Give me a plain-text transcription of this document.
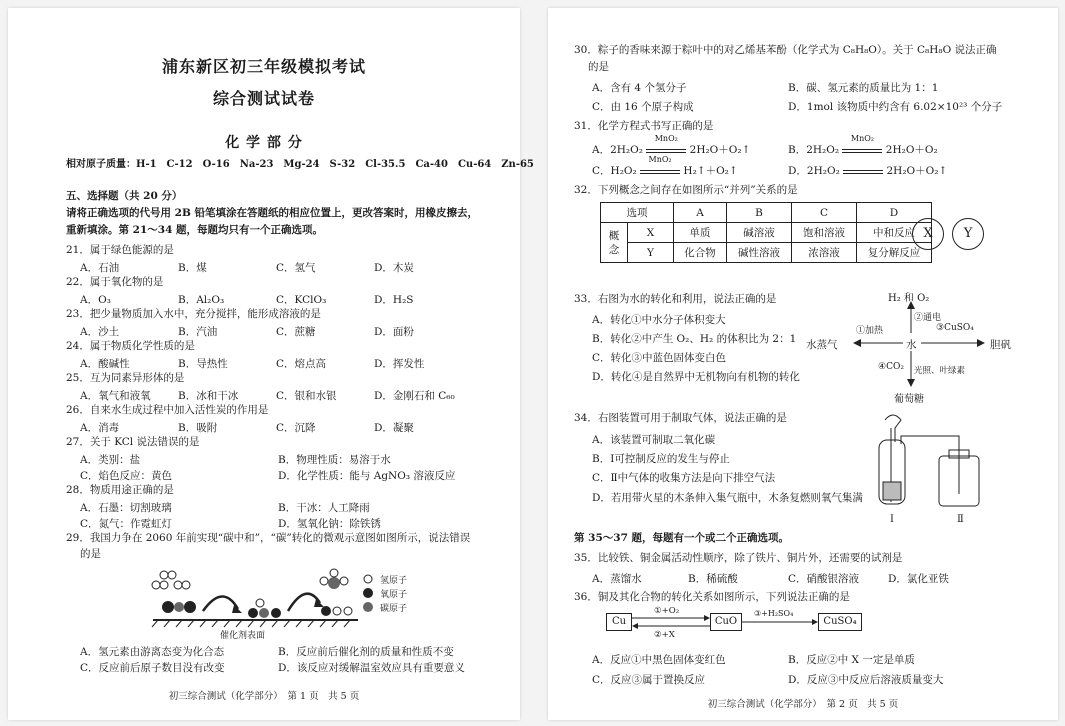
浦东新区初三年级模拟考试
综合测试试卷
化 学 部 分
相对原子质量：H-1　C-12　O-16　Na-23　Mg-24　S-32　Cl-35.5　Ca-40　Cu-64　Zn-65
五、选择题（共 20 分）
请将正确选项的代号用 2B 铅笔填涂在答题纸的相应位置上，更改答案时，用橡皮擦去，
重新填涂。第 21～34 题，每题均只有一个正确选项。
27．关于 KCl 说法错误的是
A．类别：盐	B．物理性质：易溶于水
C．焰色反应：黄色	D．化学性质：能与 AgNO₃ 溶液反应
28．物质用途正确的是
A．石墨：切割玻璃	B．干冰：人工降雨
C．氮气：作霓虹灯	D．氢氧化钠：除铁锈
29．我国力争在 2060 年前实现“碳中和”，“碳”转化的微观示意图如图所示，说法错误
的是
氢原子
氧原子
碳原子
催化剂表面
A．氢元素由游离态变为化合态	B．反应前后催化剂的质量和性质不变
C．反应前后原子数目没有改变	D．该反应对缓解温室效应具有重要意义
初三综合测试（化学部分）　第 1 页　共 5 页
21．属于绿色能源的是
A．石油	B．煤	C．氢气	D．木炭
22．属于氧化物的是
A．O₃	B．Al₂O₃	C．KClO₃	D．H₂S
23．把少量物质加入水中，充分搅拌，能形成溶液的是
A．沙土	B．汽油	C．蔗糖	D．面粉
24．属于物质化学性质的是
A．酸碱性	B．导热性	C．熔点高	D．挥发性
25．互为同素异形体的是
A．氧气和液氧	B．冰和干冰	C．银和水银	D．金刚石和 C₆₀
26．自来水生成过程中加入活性炭的作用是
A．消毒	B．吸附	C．沉降	D．凝聚
30．粽子的香味来源于粽叶中的对乙烯基苯酚（化学式为 C₈H₈O）。关于 C₈H₈O 说法正确
的是
A．含有 4 个氢分子	B．碳、氢元素的质量比为 1：1
C．由 16 个原子构成	D．1mol 该物质中约含有 6.02×10²³ 个分子
31．化学方程式书写正确的是
A．2H₂O₂
MnO₂
2H₂O＋O₂↑	B．2H₂O₂
MnO₂
2H₂O＋O₂
C．H₂O₂
MnO₂
H₂↑＋O₂↑	D．2H₂O₂	2H₂O＋O₂↑
32．下列概念之间存在如图所示“并列”关系的是
选项		A	B	C	D
概念	X	单质	碱溶液	饱和溶液	中和反应
	Y	化合物	碱性溶液	浓溶液	复分解反应
X	Y
33．右图为水的转化和利用，说法正确的是
A．转化①中水分子体积变大
B．转化②中产生 O₂、H₂ 的体积比为 2：1
C．转化③中蓝色固体变白色
D．转化④是自然界中无机物向有机物的转化
H₂ 和 O₂
②通电
水
水蒸气
①加热
胆矾
③CuSO₄
④CO₂ 光照、叶绿素
葡萄糖
34．右图装置可用于制取气体，说法正确的是
A．该装置可制取二氧化碳
B．Ⅰ可控制反应的发生与停止
C．Ⅱ中气体的收集方法是向下排空气法
D．若用带火星的木条伸入集气瓶中，木条复燃则氧气集满
Ⅰ	Ⅱ
第 35～37 题，每题有一个或二个正确选项。
35．比较铁、铜金属活动性顺序，除了铁片、铜片外，还需要的试剂是
A．蒸馏水	B．稀硫酸	C．硝酸银溶液	D．氯化亚铁
36．铜及其化合物的转化关系如图所示，下列说法正确的是
Cu	CuO	CuSO₄
①+O₂
②+X
③+H₂SO₄
A．反应①中黑色固体变红色	B．反应②中 X 一定是单质
C．反应③属于置换反应	D．反应③中反应后溶液质量变大
初三综合测试（化学部分）　第 2 页　共 5 页
